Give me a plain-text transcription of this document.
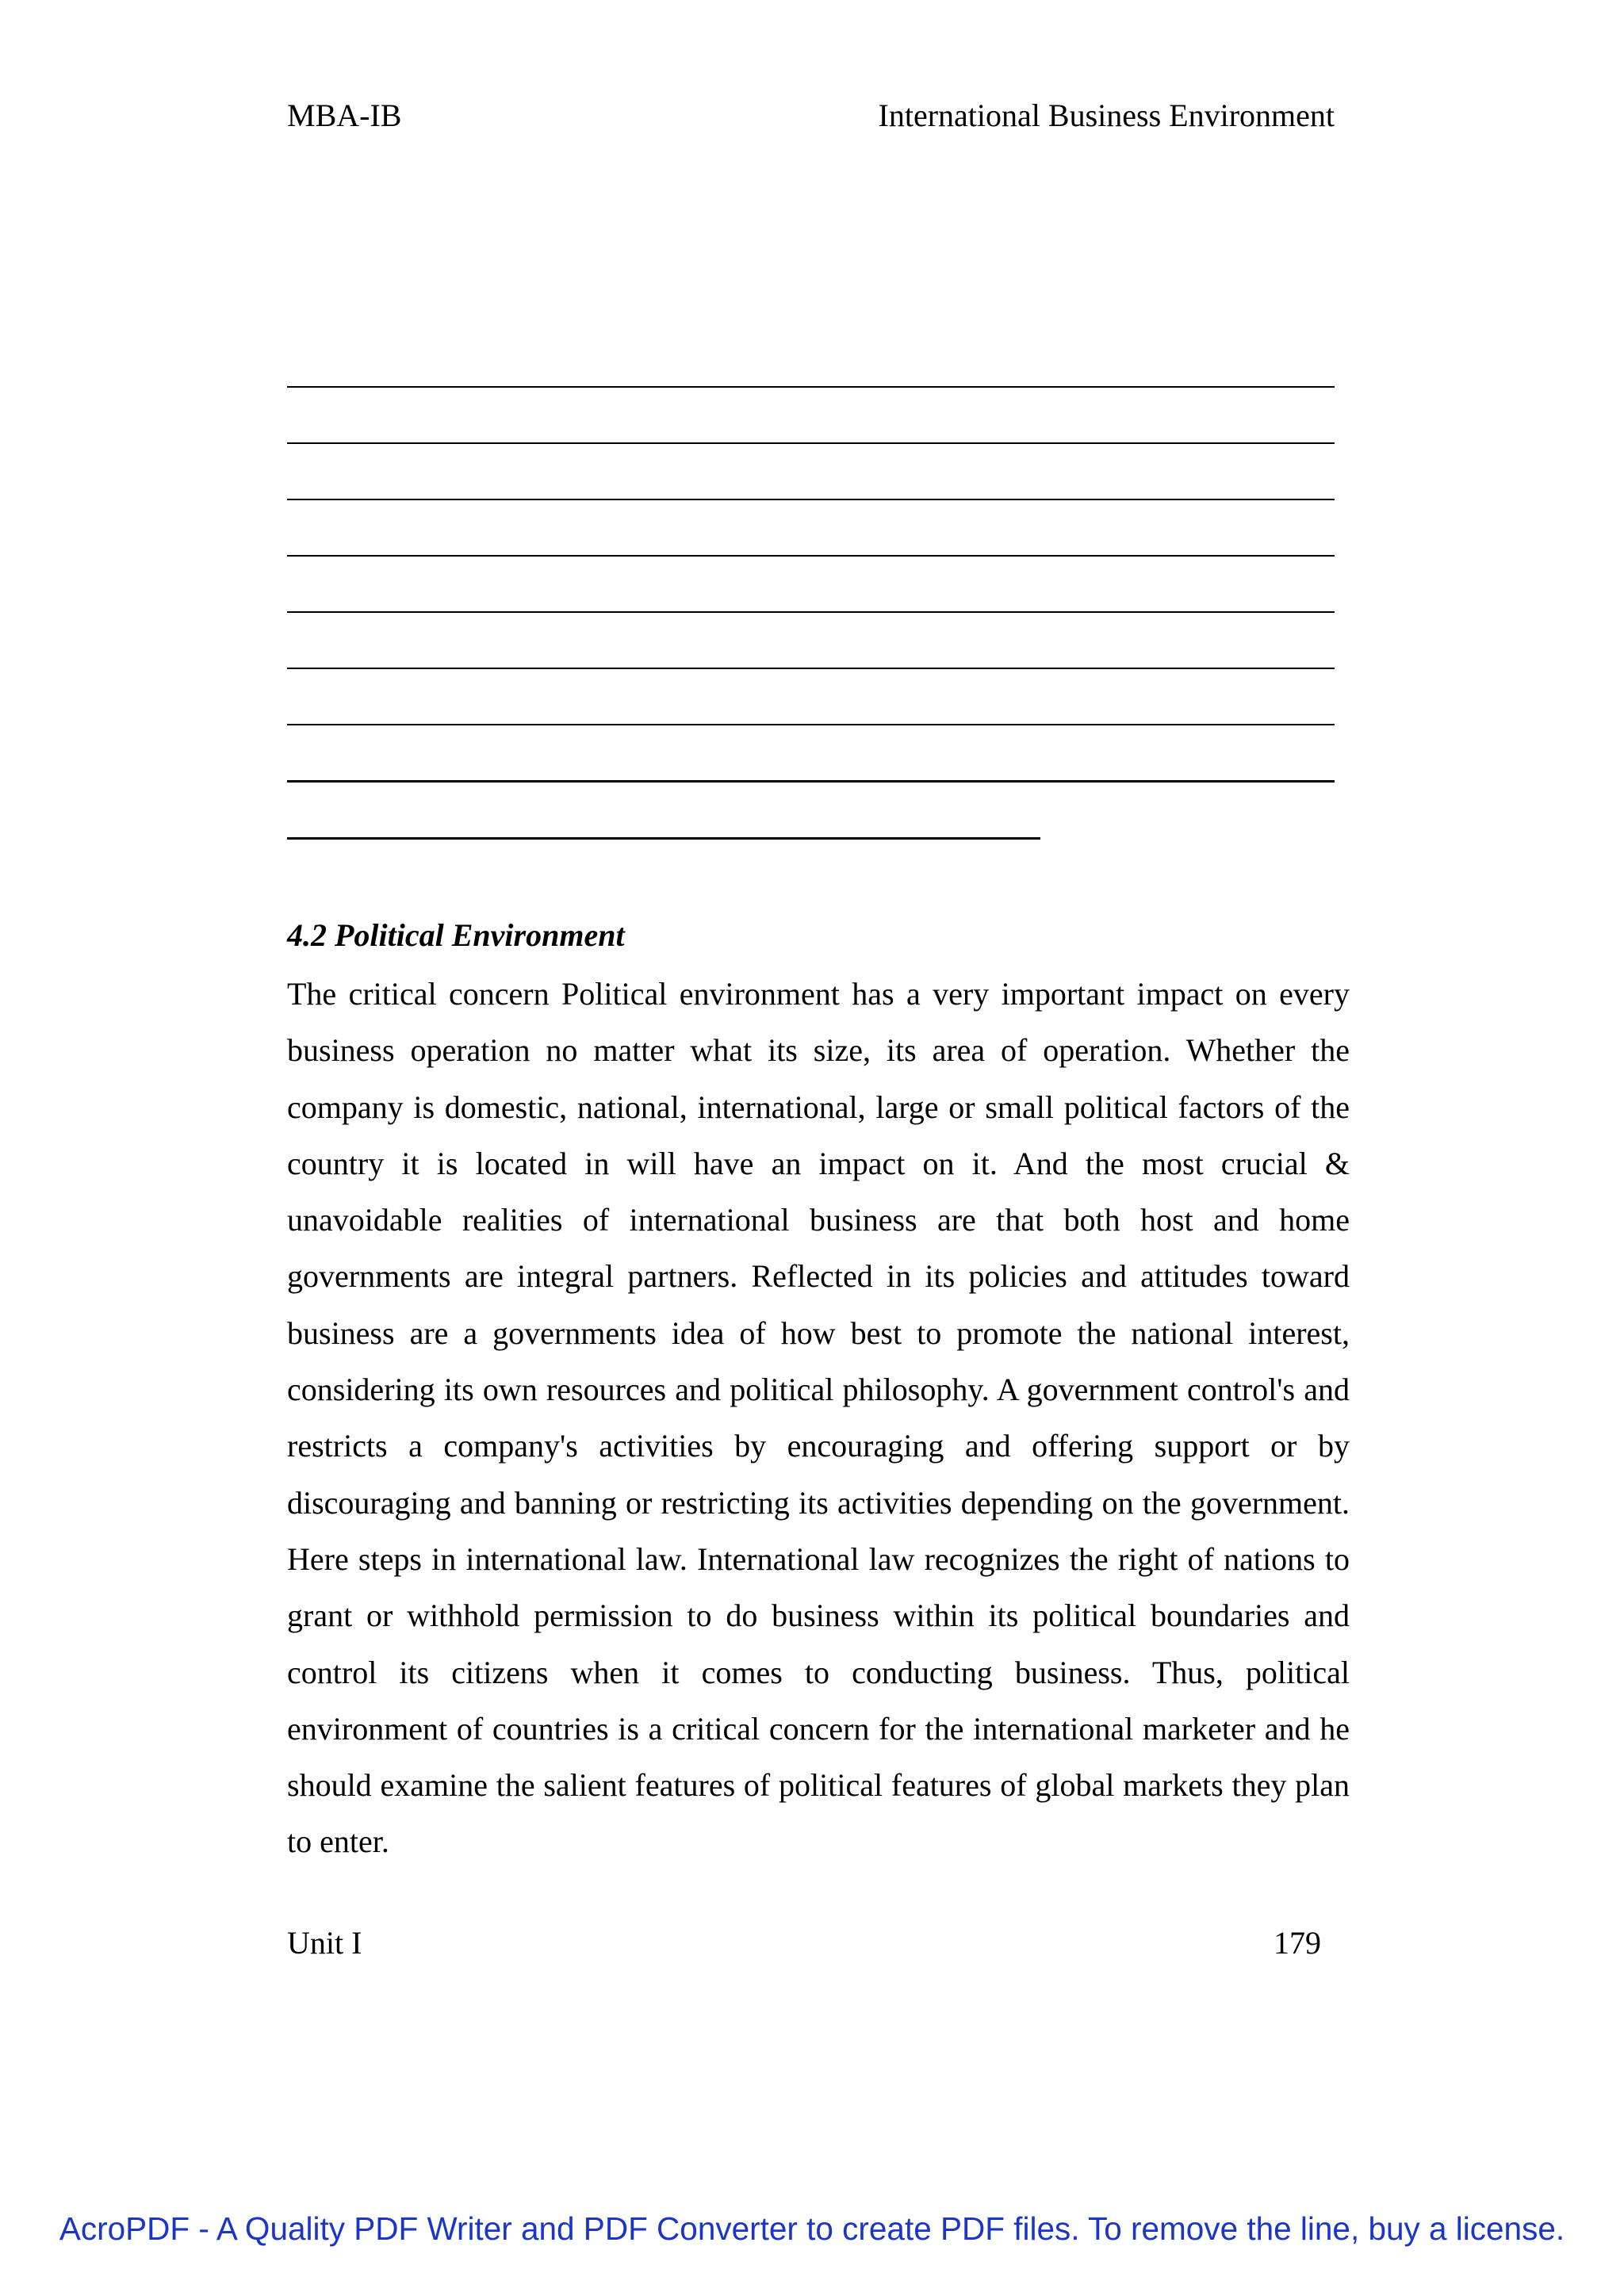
MBA-IB	International Business Environment
4.2 Political Environment

The critical concern Political environment has a very important impact on every business operation no matter what its size, its area of operation. Whether the company is domestic, national, international, large or small political factors of the country it is located in will have an impact on it. And the most crucial & unavoidable realities of international business are that both host and home governments are integral partners. Reflected in its policies and attitudes toward business are a governments idea of how best to promote the national interest, considering its own resources and political philosophy. A government control's and restricts a company's activities by encouraging and offering support or by discouraging and banning or restricting its activities depending on the government. Here steps in international law. International law recognizes the right of nations to grant or withhold permission to do business within its political boundaries and control its citizens when it comes to conducting business. Thus, political environment of countries is a critical concern for the international marketer and he should examine the salient features of political features of global markets they plan to enter.

Unit I	179
AcroPDF - A Quality PDF Writer and PDF Converter to create PDF files. To remove the line, buy a license.
